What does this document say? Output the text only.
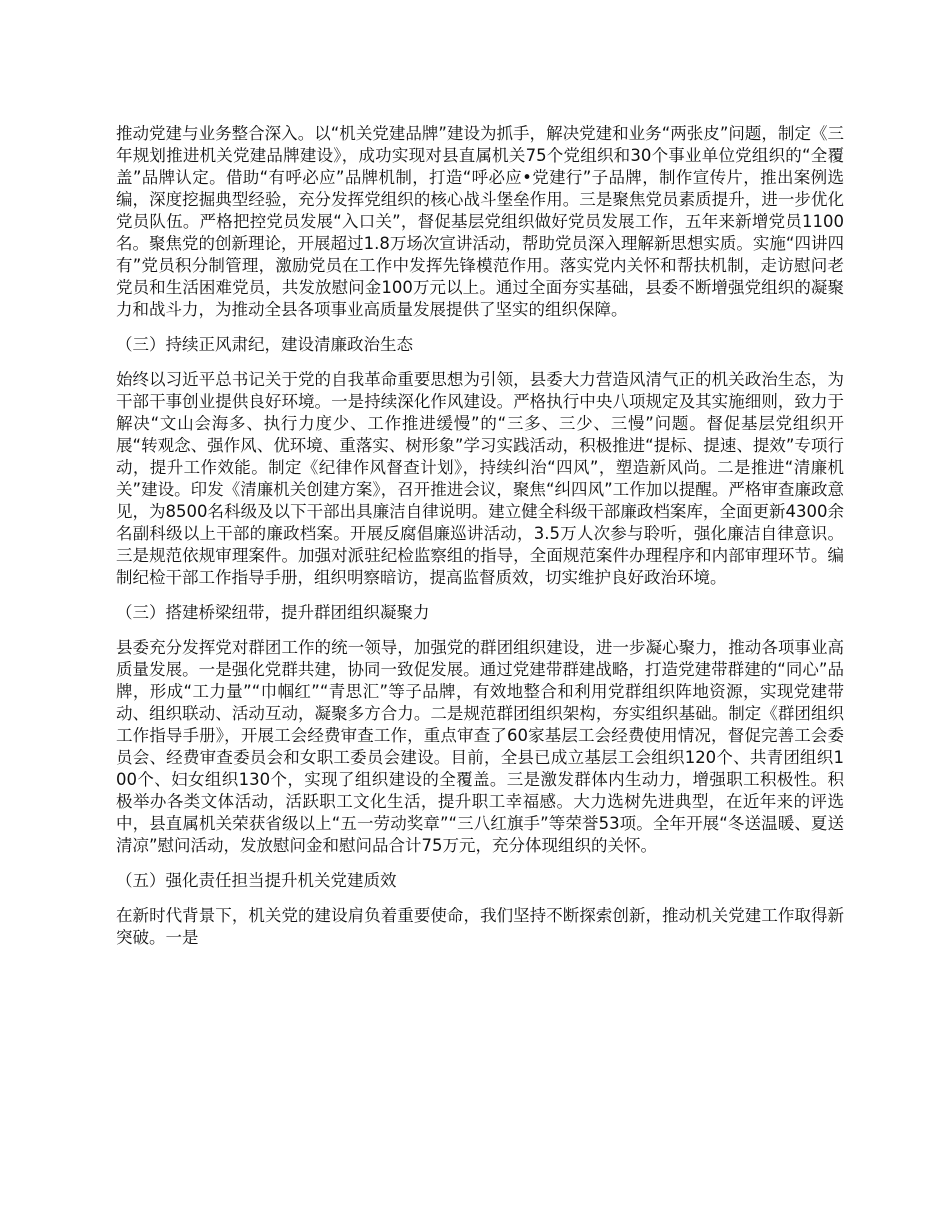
推动党建与业务整合深入。以“机关党建品牌”建设为抓手，解决党建和业务“两张皮”问题，制定《三年规划推进机关党建品牌建设》，成功实现对县直属机关75个党组织和30个事业单位党组织的“全覆盖”品牌认定。借助“有呼必应”品牌机制，打造“呼必应•党建行”子品牌，制作宣传片，推出案例选编，深度挖掘典型经验，充分发挥党组织的核心战斗堡垒作用。三是聚焦党员素质提升，进一步优化党员队伍。严格把控党员发展“入口关”，督促基层党组织做好党员发展工作，五年来新增党员1100名。聚焦党的创新理论，开展超过1.8万场次宣讲活动，帮助党员深入理解新思想实质。实施“四讲四有”党员积分制管理，激励党员在工作中发挥先锋模范作用。落实党内关怀和帮扶机制，走访慰问老党员和生活困难党员，共发放慰问金100万元以上。通过全面夯实基础，县委不断增强党组织的凝聚力和战斗力，为推动全县各项事业高质量发展提供了坚实的组织保障。

（三）持续正风肃纪，建设清廉政治生态

始终以习近平总书记关于党的自我革命重要思想为引领，县委大力营造风清气正的机关政治生态，为干部干事创业提供良好环境。一是持续深化作风建设。严格执行中央八项规定及其实施细则，致力于解决“文山会海多、执行力度少、工作推进缓慢”的“三多、三少、三慢”问题。督促基层党组织开展“转观念、强作风、优环境、重落实、树形象”学习实践活动，积极推进“提标、提速、提效”专项行动，提升工作效能。制定《纪律作风督查计划》，持续纠治“四风”，塑造新风尚。二是推进“清廉机关”建设。印发《清廉机关创建方案》，召开推进会议，聚焦“纠四风”工作加以提醒。严格审查廉政意见，为8500名科级及以下干部出具廉洁自律说明。建立健全科级干部廉政档案库，全面更新4300余名副科级以上干部的廉政档案。开展反腐倡廉巡讲活动，3.5万人次参与聆听，强化廉洁自律意识。三是规范依规审理案件。加强对派驻纪检监察组的指导，全面规范案件办理程序和内部审理环节。编制纪检干部工作指导手册，组织明察暗访，提高监督质效，切实维护良好政治环境。

（三）搭建桥梁纽带，提升群团组织凝聚力

县委充分发挥党对群团工作的统一领导，加强党的群团组织建设，进一步凝心聚力，推动各项事业高质量发展。一是强化党群共建，协同一致促发展。通过党建带群建战略，打造党建带群建的“同心”品牌，形成“工力量”“巾帼红”“青思汇”等子品牌，有效地整合和利用党群组织阵地资源，实现党建带动、组织联动、活动互动，凝聚多方合力。二是规范群团组织架构，夯实组织基础。制定《群团组织工作指导手册》，开展工会经费审查工作，重点审查了60家基层工会经费使用情况，督促完善工会委员会、经费审查委员会和女职工委员会建设。目前，全县已成立基层工会组织120个、共青团组织100个、妇女组织130个，实现了组织建设的全覆盖。三是激发群体内生动力，增强职工积极性。积极举办各类文体活动，活跃职工文化生活，提升职工幸福感。大力选树先进典型，在近年来的评选中，县直属机关荣获省级以上“五一劳动奖章”“三八红旗手”等荣誉53项。全年开展“冬送温暖、夏送清凉”慰问活动，发放慰问金和慰问品合计75万元，充分体现组织的关怀。

（五）强化责任担当提升机关党建质效

在新时代背景下，机关党的建设肩负着重要使命，我们坚持不断探索创新，推动机关党建工作取得新突破。一是
